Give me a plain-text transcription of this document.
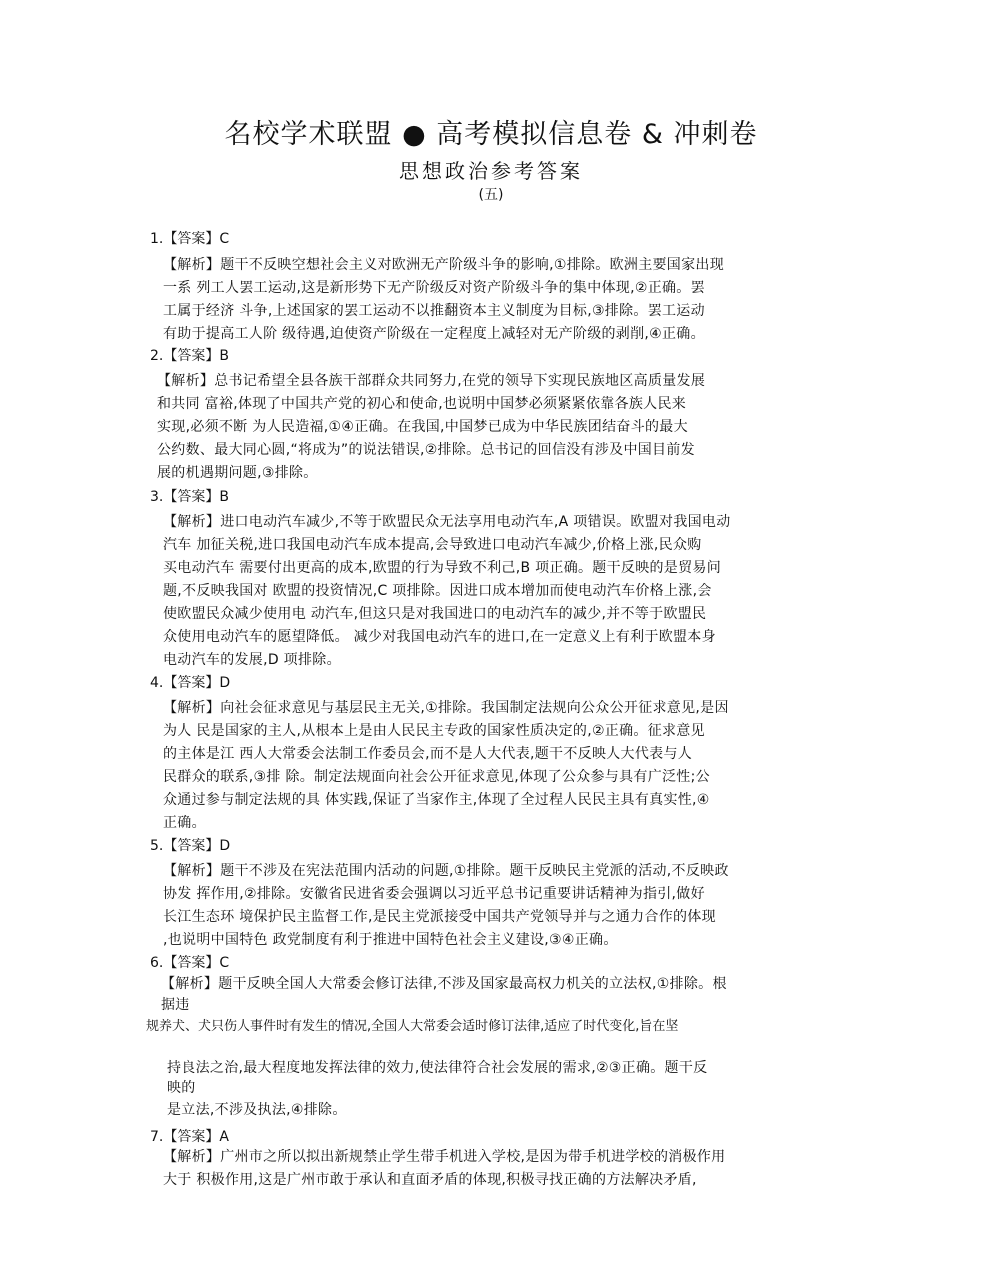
名校学术联盟 ● 高考模拟信息卷 & 冲刺卷
思想政治参考答案
(五)
1.【答案】C
【解析】题干不反映空想社会主义对欧洲无产阶级斗争的影响,①排除。欧洲主要国家出现
一系 列工人罢工运动,这是新形势下无产阶级反对资产阶级斗争的集中体现,②正确。罢
工属于经济 斗争,上述国家的罢工运动不以推翻资本主义制度为目标,③排除。罢工运动
有助于提高工人阶 级待遇,迫使资产阶级在一定程度上减轻对无产阶级的剥削,④正确。
2.【答案】B
【解析】总书记希望全县各族干部群众共同努力,在党的领导下实现民族地区高质量发展
和共同 富裕,体现了中国共产党的初心和使命,也说明中国梦必须紧紧依靠各族人民来
实现,必须不断 为人民造福,①④正确。在我国,中国梦已成为中华民族团结奋斗的最大
公约数、最大同心圆,“将成为”的说法错误,②排除。总书记的回信没有涉及中国目前发
展的机遇期问题,③排除。
3.【答案】B
【解析】进口电动汽车减少,不等于欧盟民众无法享用电动汽车,A 项错误。欧盟对我国电动
汽车 加征关税,进口我国电动汽车成本提高,会导致进口电动汽车减少,价格上涨,民众购
买电动汽车 需要付出更高的成本,欧盟的行为导致不利己,B 项正确。题干反映的是贸易问
题,不反映我国对 欧盟的投资情况,C 项排除。因进口成本增加而使电动汽车价格上涨,会
使欧盟民众减少使用电 动汽车,但这只是对我国进口的电动汽车的减少,并不等于欧盟民
众使用电动汽车的愿望降低。 减少对我国电动汽车的进口,在一定意义上有利于欧盟本身
电动汽车的发展,D 项排除。
4.【答案】D
【解析】向社会征求意见与基层民主无关,①排除。我国制定法规向公众公开征求意见,是因
为人 民是国家的主人,从根本上是由人民民主专政的国家性质决定的,②正确。征求意见
的主体是江 西人大常委会法制工作委员会,而不是人大代表,题干不反映人大代表与人
民群众的联系,③排 除。制定法规面向社会公开征求意见,体现了公众参与具有广泛性;公
众通过参与制定法规的具 体实践,保证了当家作主,体现了全过程人民民主具有真实性,④
正确。
5.【答案】D
【解析】题干不涉及在宪法范围内活动的问题,①排除。题干反映民主党派的活动,不反映政
协发 挥作用,②排除。安徽省民进省委会强调以习近平总书记重要讲话精神为指引,做好
长江生态环 境保护民主监督工作,是民主党派接受中国共产党领导并与之通力合作的体现
,也说明中国特色 政党制度有利于推进中国特色社会主义建设,③④正确。
6.【答案】C
【解析】题干反映全国人大常委会修订法律,不涉及国家最高权力机关的立法权,①排除。根
据违
规养犬、犬只伤人事件时有发生的情况,全国人大常委会适时修订法律,适应了时代变化,旨在坚
持良法之治,最大程度地发挥法律的效力,使法律符合社会发展的需求,②③正确。题干反
映的
是立法,不涉及执法,④排除。
7.【答案】A
【解析】广州市之所以拟出新规禁止学生带手机进入学校,是因为带手机进学校的消极作用
大于 积极作用,这是广州市敢于承认和直面矛盾的体现,积极寻找正确的方法解决矛盾,
